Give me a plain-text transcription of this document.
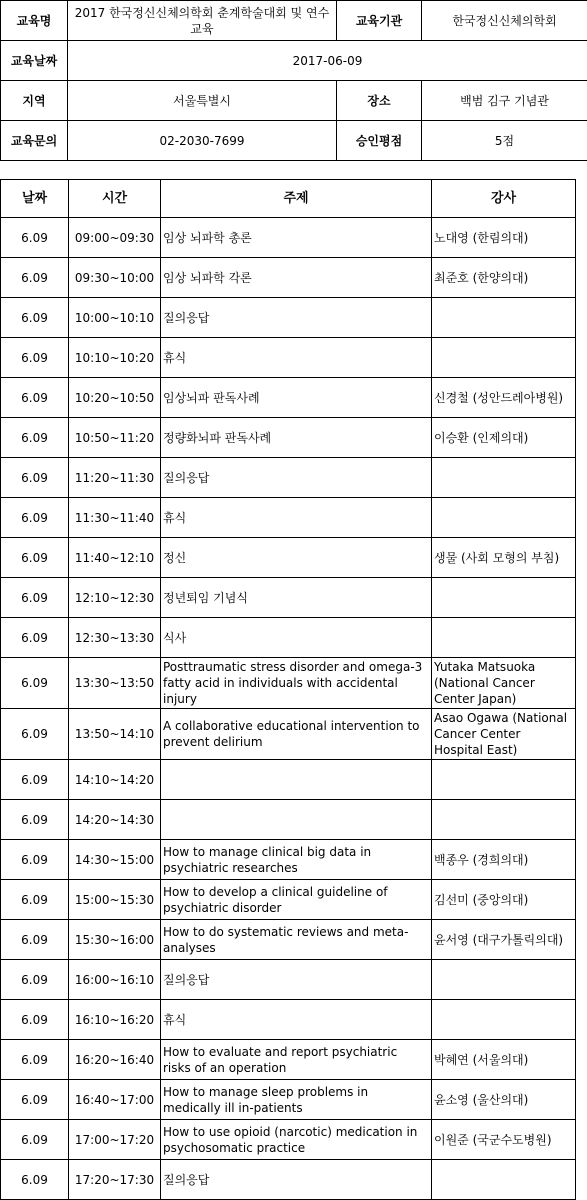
교육명	2017 한국정신신체의학회 춘계학술대회 및 연수교육	교육기관	한국정신신체의학회
교육날짜	2017-06-09		
지역	서울특별시	장소	백범 김구 기념관
교육문의	02-2030-7699	승인평점	5점
날짜	시간	주제	강사
6.09	09:00~09:30	임상 뇌파학 총론	노대영 (한림의대)
6.09	09:30~10:00	임상 뇌파학 각론	최준호 (한양의대)
6.09	10:00~10:10	질의응답	
6.09	10:10~10:20	휴식	
6.09	10:20~10:50	임상뇌파 판독사례	신경철 (성안드레아병원)
6.09	10:50~11:20	정량화뇌파 판독사례	이승환 (인제의대)
6.09	11:20~11:30	질의응답	
6.09	11:30~11:40	휴식	
6.09	11:40~12:10	정신	생물 (사회 모형의 부침)
6.09	12:10~12:30	정년퇴임 기념식	
6.09	12:30~13:30	식사	
6.09	13:30~13:50	Posttraumatic stress disorder and omega-3 fatty acid in individuals with accidental injury	Yutaka Matsuoka (National Cancer Center Japan)
6.09	13:50~14:10	A collaborative educational intervention to prevent delirium	Asao Ogawa (National Cancer Center Hospital East)
6.09	14:10~14:20		
6.09	14:20~14:30		
6.09	14:30~15:00	How to manage clinical big data in psychiatric researches	백종우 (경희의대)
6.09	15:00~15:30	How to develop a clinical guideline of psychiatric disorder	김선미 (중앙의대)
6.09	15:30~16:00	How to do systematic reviews and meta-analyses	윤서영 (대구가톨릭의대)
6.09	16:00~16:10	질의응답	
6.09	16:10~16:20	휴식	
6.09	16:20~16:40	How to evaluate and report psychiatric risks of an operation	박혜연 (서울의대)
6.09	16:40~17:00	How to manage sleep problems in medically ill in-patients	윤소영 (울산의대)
6.09	17:00~17:20	How to use opioid (narcotic) medication in psychosomatic practice	이원준 (국군수도병원)
6.09	17:20~17:30	질의응답	
